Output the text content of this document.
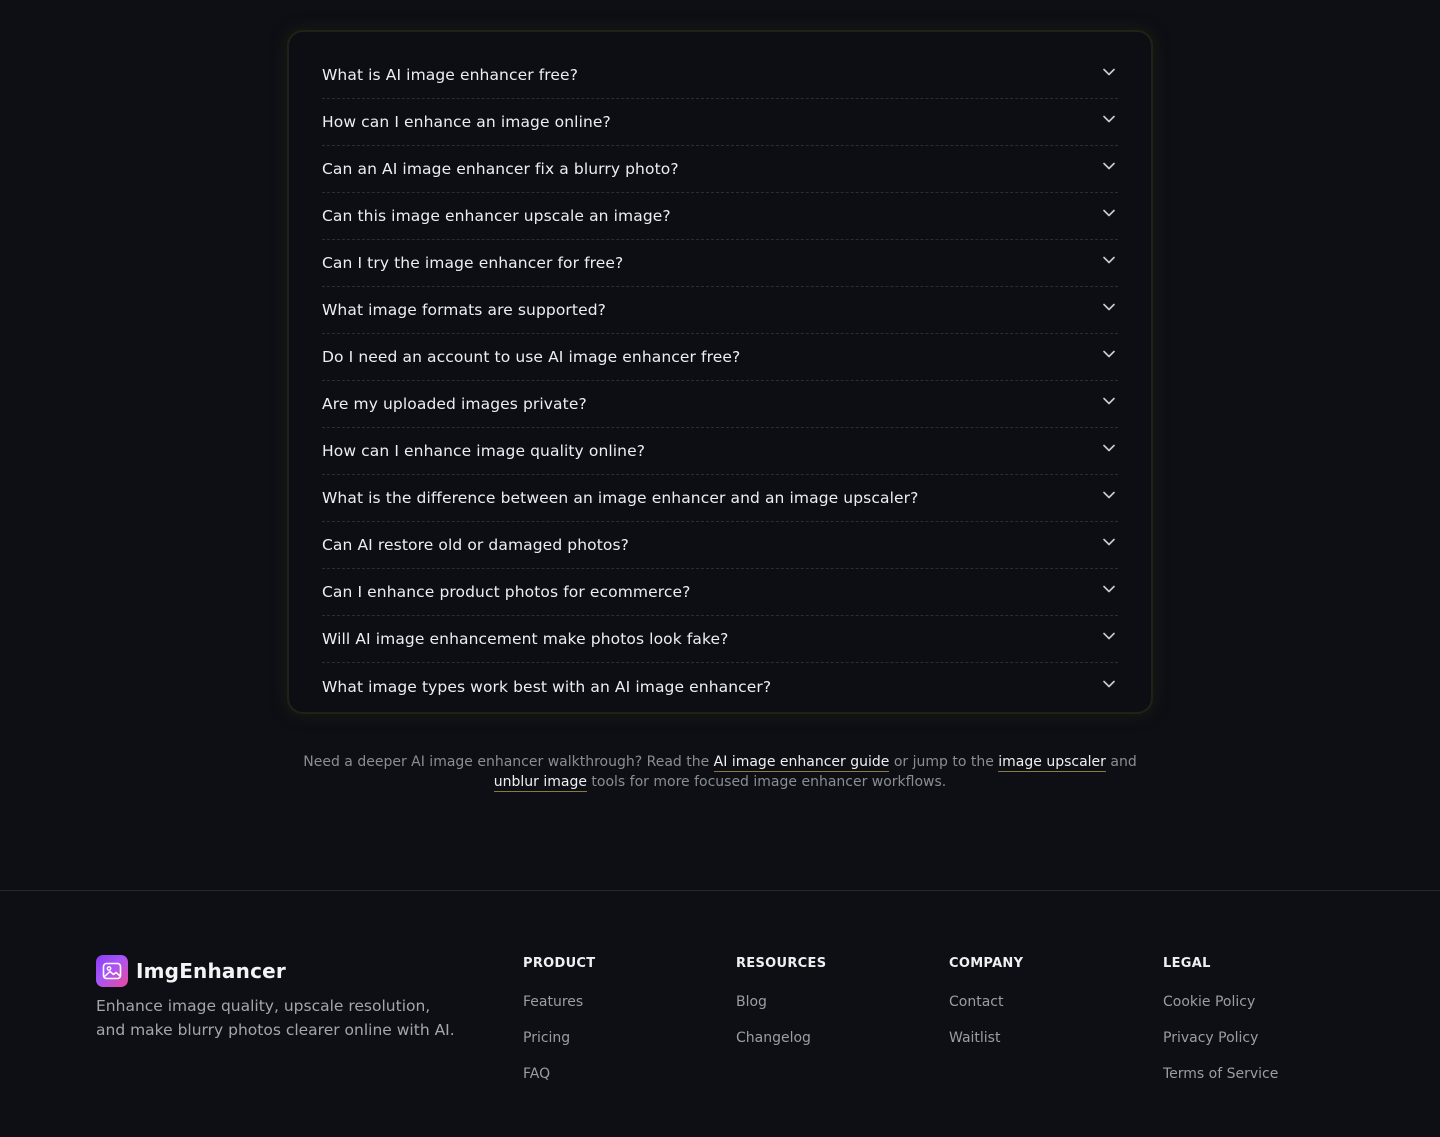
What is AI image enhancer free?
How can I enhance an image online?
Can an AI image enhancer fix a blurry photo?
Can this image enhancer upscale an image?
Can I try the image enhancer for free?
What image formats are supported?
Do I need an account to use AI image enhancer free?
Are my uploaded images private?
How can I enhance image quality online?
What is the difference between an image enhancer and an image upscaler?
Can AI restore old or damaged photos?
Can I enhance product photos for ecommerce?
Will AI image enhancement make photos look fake?
What image types work best with an AI image enhancer?

Need a deeper AI image enhancer walkthrough? Read the AI image enhancer guide or jump to the image upscaler and
unblur image tools for more focused image enhancer workflows.

ImgEnhancer

Enhance image quality, upscale resolution, and make blurry photos clearer online with AI.

PRODUCT
Features
Pricing
FAQ
RESOURCES
Blog
Changelog
COMPANY
Contact
Waitlist
LEGAL
Cookie Policy
Privacy Policy
Terms of Service
